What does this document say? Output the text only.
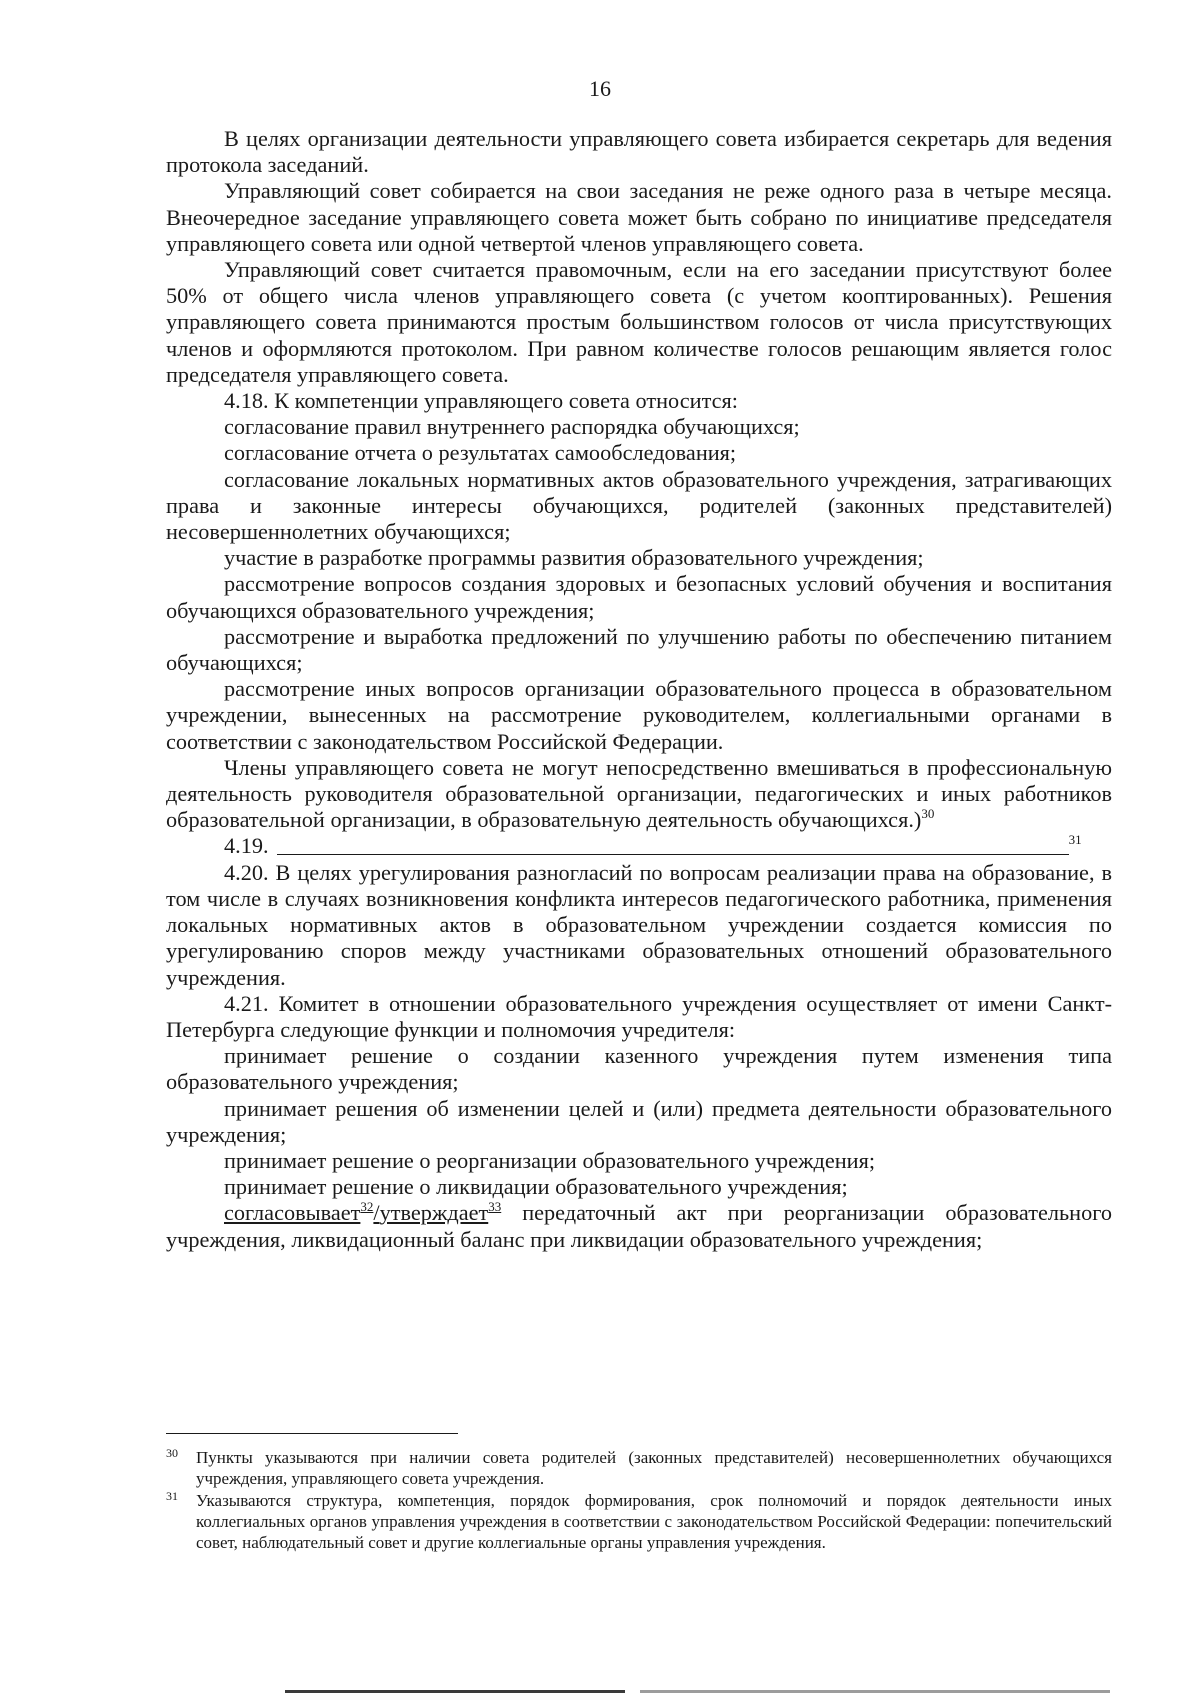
16

В целях организации деятельности управляющего совета избирается секретарь для ведения протокола заседаний.

Управляющий совет собирается на свои заседания не реже одного раза в четыре месяца. Внеочередное заседание управляющего совета может быть собрано по инициативе председателя управляющего совета или одной четвертой членов управляющего совета.

Управляющий совет считается правомочным, если на его заседании присутствуют более 50% от общего числа членов управляющего совета (с учетом кооптированных). Решения управляющего совета принимаются простым большинством голосов от числа присутствующих членов и оформляются протоколом. При равном количестве голосов решающим является голос председателя управляющего совета.

4.18. К компетенции управляющего совета относится:

согласование правил внутреннего распорядка обучающихся;

согласование отчета о результатах самообследования;

согласование локальных нормативных актов образовательного учреждения, затрагивающих права и законные интересы обучающихся, родителей (законных представителей) несовершеннолетних обучающихся;

участие в разработке программы развития образовательного учреждения;

рассмотрение вопросов создания здоровых и безопасных условий обучения и воспитания обучающихся образовательного учреждения;

рассмотрение и выработка предложений по улучшению работы по обеспечению питанием обучающихся;

рассмотрение иных вопросов организации образовательного процесса в образовательном учреждении, вынесенных на рассмотрение руководителем, коллегиальными органами в соответствии с законодательством Российской Федерации.

Члены управляющего совета не могут непосредственно вмешиваться в профессиональную деятельность руководителя образовательной организации, педагогических и иных работников образовательной организации, в образовательную деятельность обучающихся.)$^{30}$

4.19.	$^{31}$

4.20. В целях урегулирования разногласий по вопросам реализации права на образование, в том числе в случаях возникновения конфликта интересов педагогического работника, применения локальных нормативных актов в образовательном учреждении создается комиссия по урегулированию споров между участниками образовательных отношений образовательного учреждения.

4.21. Комитет в отношении образовательного учреждения осуществляет от имени Санкт-Петербурга следующие функции и полномочия учредителя:

принимает решение о создании казенного учреждения путем изменения типа образовательного учреждения;

принимает решения об изменении целей и (или) предмета деятельности образовательного учреждения;

принимает решение о реорганизации образовательного учреждения;

принимает решение о ликвидации образовательного учреждения;

согласовывает$^{32}$/утверждает$^{33}$ передаточный акт при реорганизации образовательного учреждения, ликвидационный баланс при ликвидации образовательного учреждения;

30 Пункты указываются при наличии совета родителей (законных представителей) несовершеннолетних обучающихся учреждения, управляющего совета учреждения.
31 Указываются структура, компетенция, порядок формирования, срок полномочий и порядок деятельности иных коллегиальных органов управления учреждения в соответствии с законодательством Российской Федерации: попечительский совет, наблюдательный совет и другие коллегиальные органы управления учреждения.
